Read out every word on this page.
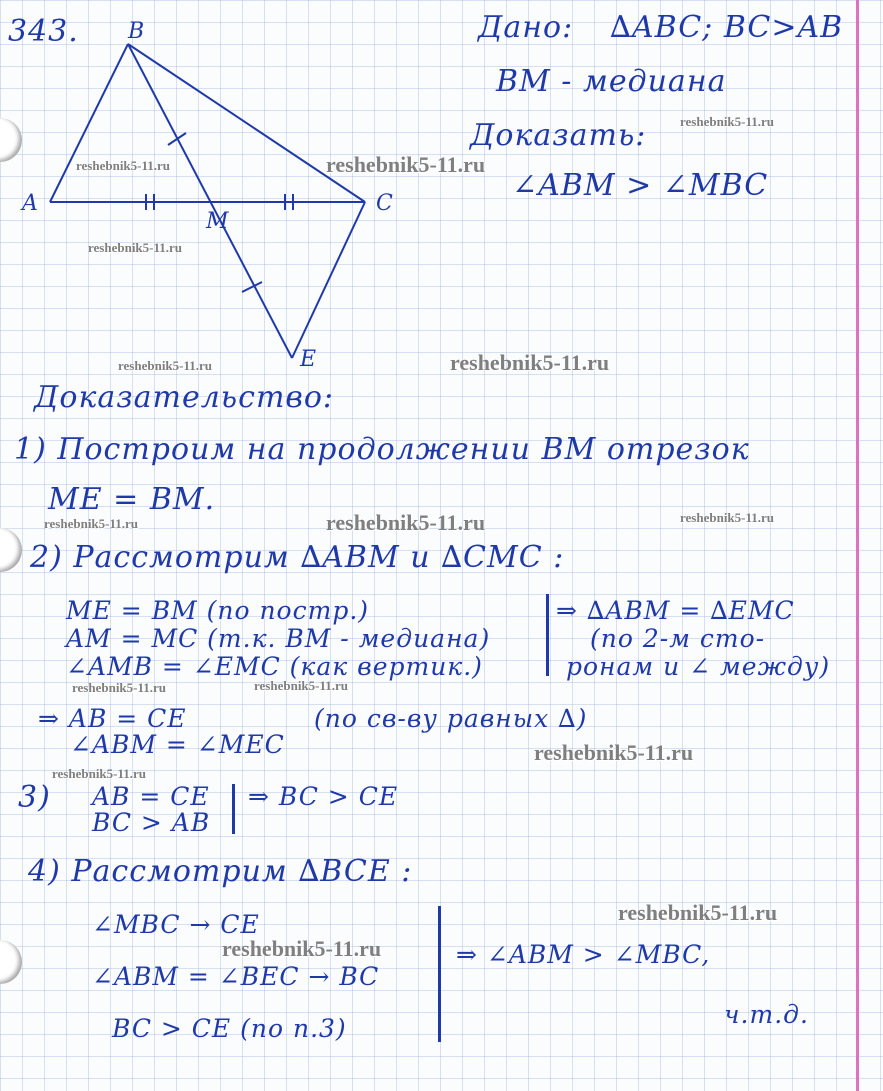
B
A
M
C
E
343.	Дано: ∆ABC; BC>AB
BM - медиана
Доказать:
∠ABM > ∠MBC
Доказательство:
1) Построим на продолжении BM отрезок
ME = BM.
2) Рассмотрим ∆ABM и ∆CMC :
ME = BM (по постр.)
AM = MC (т.к. BM - медиана)
∠AMB = ∠EMC (как вертик.)
⇒ ∆ABM = ∆EMC
(по 2-м сто-
ронам и ∠ между)
⇒ AB = CE
∠ABM = ∠MEC
(по св-ву равных ∆)
3) AB = CE
BC > AB
⇒ BC > CE
4) Рассмотрим ∆BCE :
∠MBC → CE
∠ABM = ∠BEC → BC
BC > CE (по п.3)
⇒ ∠ABM > ∠MBC,
ч.т.д.
reshebnik5-11.ru
reshebnik5-11.ru	reshebnik5-11.ru
reshebnik5-11.ru
reshebnik5-11.ru	reshebnik5-11.ru
reshebnik5-11.ru	reshebnik5-11.ru	reshebnik5-11.ru
reshebnik5-11.ru	reshebnik5-11.ru
reshebnik5-11.ru
reshebnik5-11.ru
reshebnik5-11.ru
reshebnik5-11.ru
